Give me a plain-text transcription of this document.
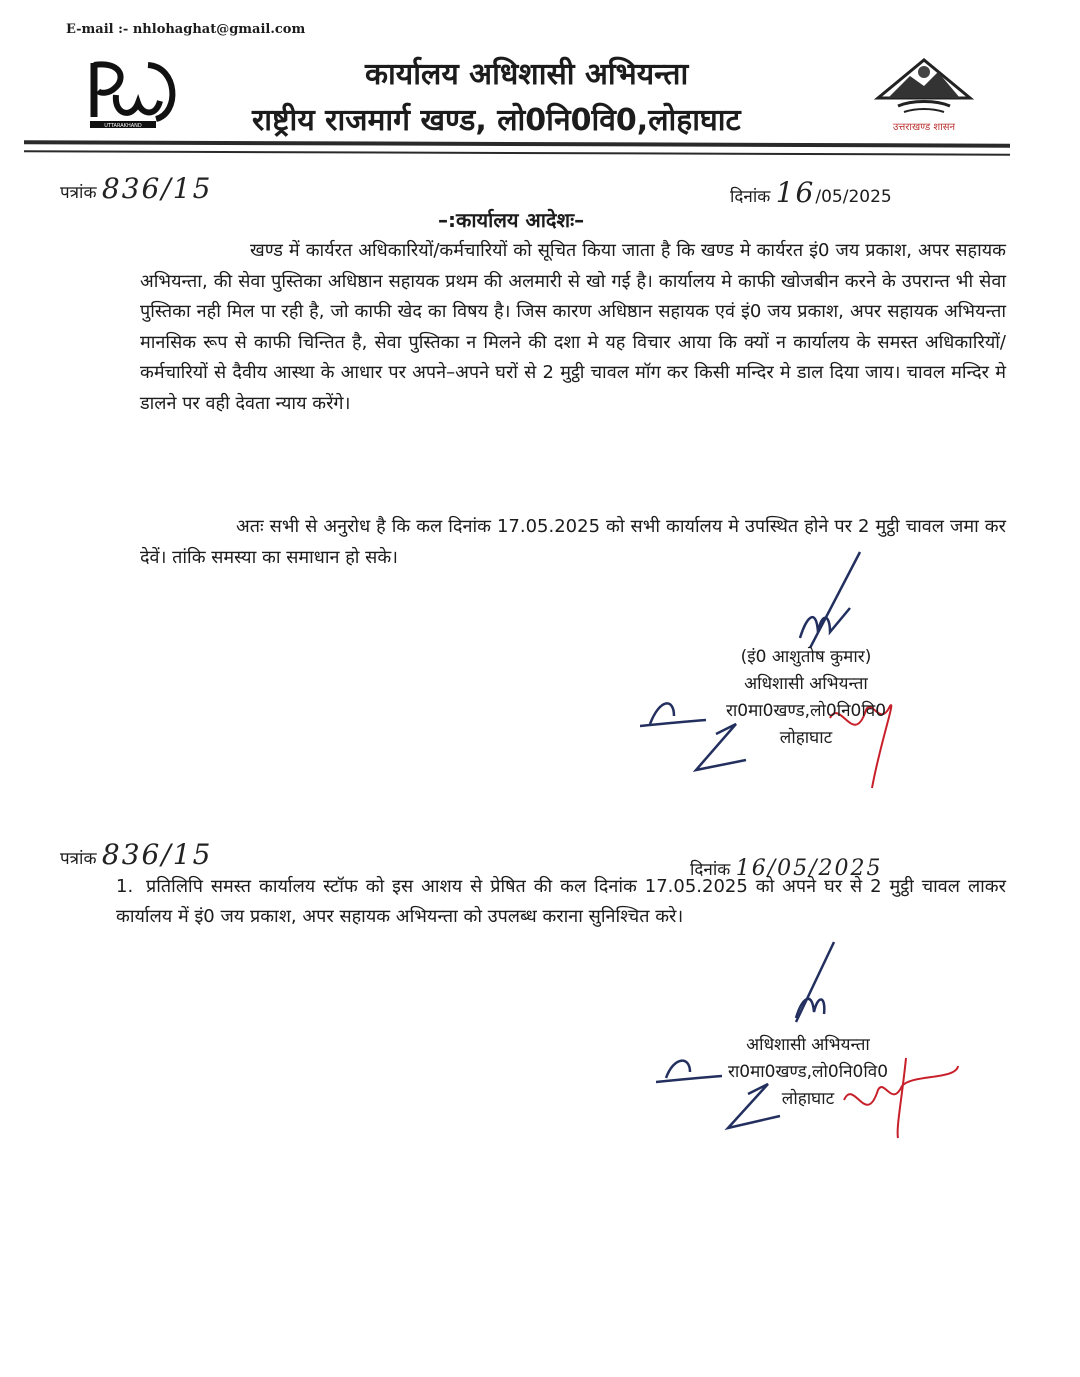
E-mail :- nhlohaghat@gmail.com
UTTARAKHAND
कार्यालय अधिशासी अभियन्ता
राष्ट्रीय राजमार्ग खण्ड, लो0नि0वि0,लोहाघाट	उत्तराखण्ड शासन
पत्रांक 836/15	दिनांक 16/05/2025
–:कार्यालय आदेशः–

खण्ड में कार्यरत अधिकारियों/कर्मचारियों को सूचित किया जाता है कि खण्ड मे कार्यरत इं0 जय प्रकाश, अपर सहायक अभियन्ता, की सेवा पुस्तिका अधिष्ठान सहायक प्रथम की अलमारी से खो गई है। कार्यालय मे काफी खोजबीन करने के उपरान्त भी सेवा पुस्तिका नही मिल पा रही है, जो काफी खेद का विषय है। जिस कारण अधिष्ठान सहायक एवं इं0 जय प्रकाश, अपर सहायक अभियन्ता मानसिक रूप से काफी चिन्तित है, सेवा पुस्तिका न मिलने की दशा मे यह विचार आया कि क्यों न कार्यालय के समस्त अधिकारियों/कर्मचारियों से दैवीय आस्था के आधार पर अपने–अपने घरों से 2 मुट्ठी चावल मॉग कर किसी मन्दिर मे डाल दिया जाय। चावल मन्दिर मे डालने पर वही देवता न्याय करेंगे।

अतः सभी से अनुरोध है कि कल दिनांक 17.05.2025 को सभी कार्यालय मे उपस्थित होने पर 2 मुट्ठी चावल जमा कर देवें। तांकि समस्या का समाधान हो सके।

(इं0 आशुतोष कुमार)
अधिशासी अभियन्ता
रा0मा0खण्ड,लो0नि0वि0
लोहाघाट
पत्रांक 836/15	दिनांक 16/05/2025
1. प्रतिलिपि समस्त कार्यालय स्टॉफ को इस आशय से प्रेषित की कल दिनांक 17.05.2025 को अपने घर से 2 मुट्ठी चावल लाकर कार्यालय में इं0 जय प्रकाश, अपर सहायक अभियन्ता को उपलब्ध कराना सुनिश्चित करे।
अधिशासी अभियन्ता
रा0मा0खण्ड,लो0नि0वि0
लोहाघाट
